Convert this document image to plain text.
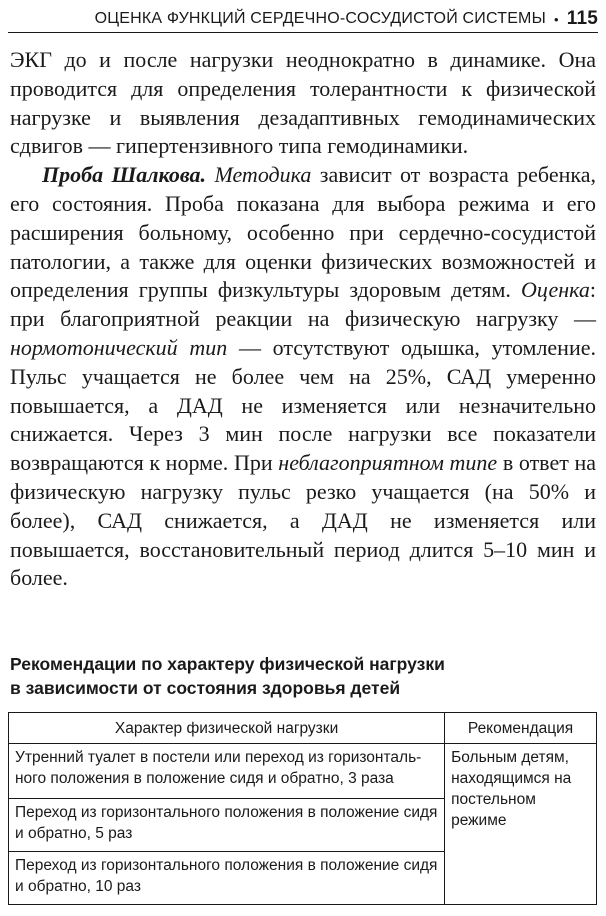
ОЦЕНКА ФУНКЦИЙ СЕРДЕЧНО-СОСУДИСТОЙ СИСТЕМЫ • 115

ЭКГ до и после нагрузки неоднократно в динамике. Она проводится для определения толерантности к физической нагрузке и выявления дезадаптивных гемодинамических сдвигов — гипертензивного типа гемодинамики.

Проба Шалкова. Методика зависит от возраста ребенка, его состояния. Проба показана для выбора режима и его расширения больному, особенно при сердечно-сосудистой патологии, а также для оценки физических возможностей и определения группы физкультуры здоровым детям. Оценка: при благоприятной реакции на физическую нагрузку — нормотонический тип — отсутствуют одышка, утомление. Пульс учащается не более чем на 25%, САД умеренно повышается, а ДАД не изменяется или незначительно снижается. Через 3 мин после нагрузки все показатели возвращаются к норме. При неблагоприятном типе в ответ на физическую нагрузку пульс резко учащается (на 50% и более), САД снижается, а ДАД не изменяется или повышается, восстановительный период длится 5–10 мин и более.

Рекомендации по характеру физической нагрузки
в зависимости от состояния здоровья детей
Характер физической нагрузки	Рекомендация
Утренний туалет в постели или переход из горизонтального положения в положение сидя и обратно, 3 раза	Больным детям, находящимся на постельном режиме
Переход из горизонтального положения в положение сидя и обратно, 5 раз	
Переход из горизонтального положения в положение сидя и обратно, 10 раз	
